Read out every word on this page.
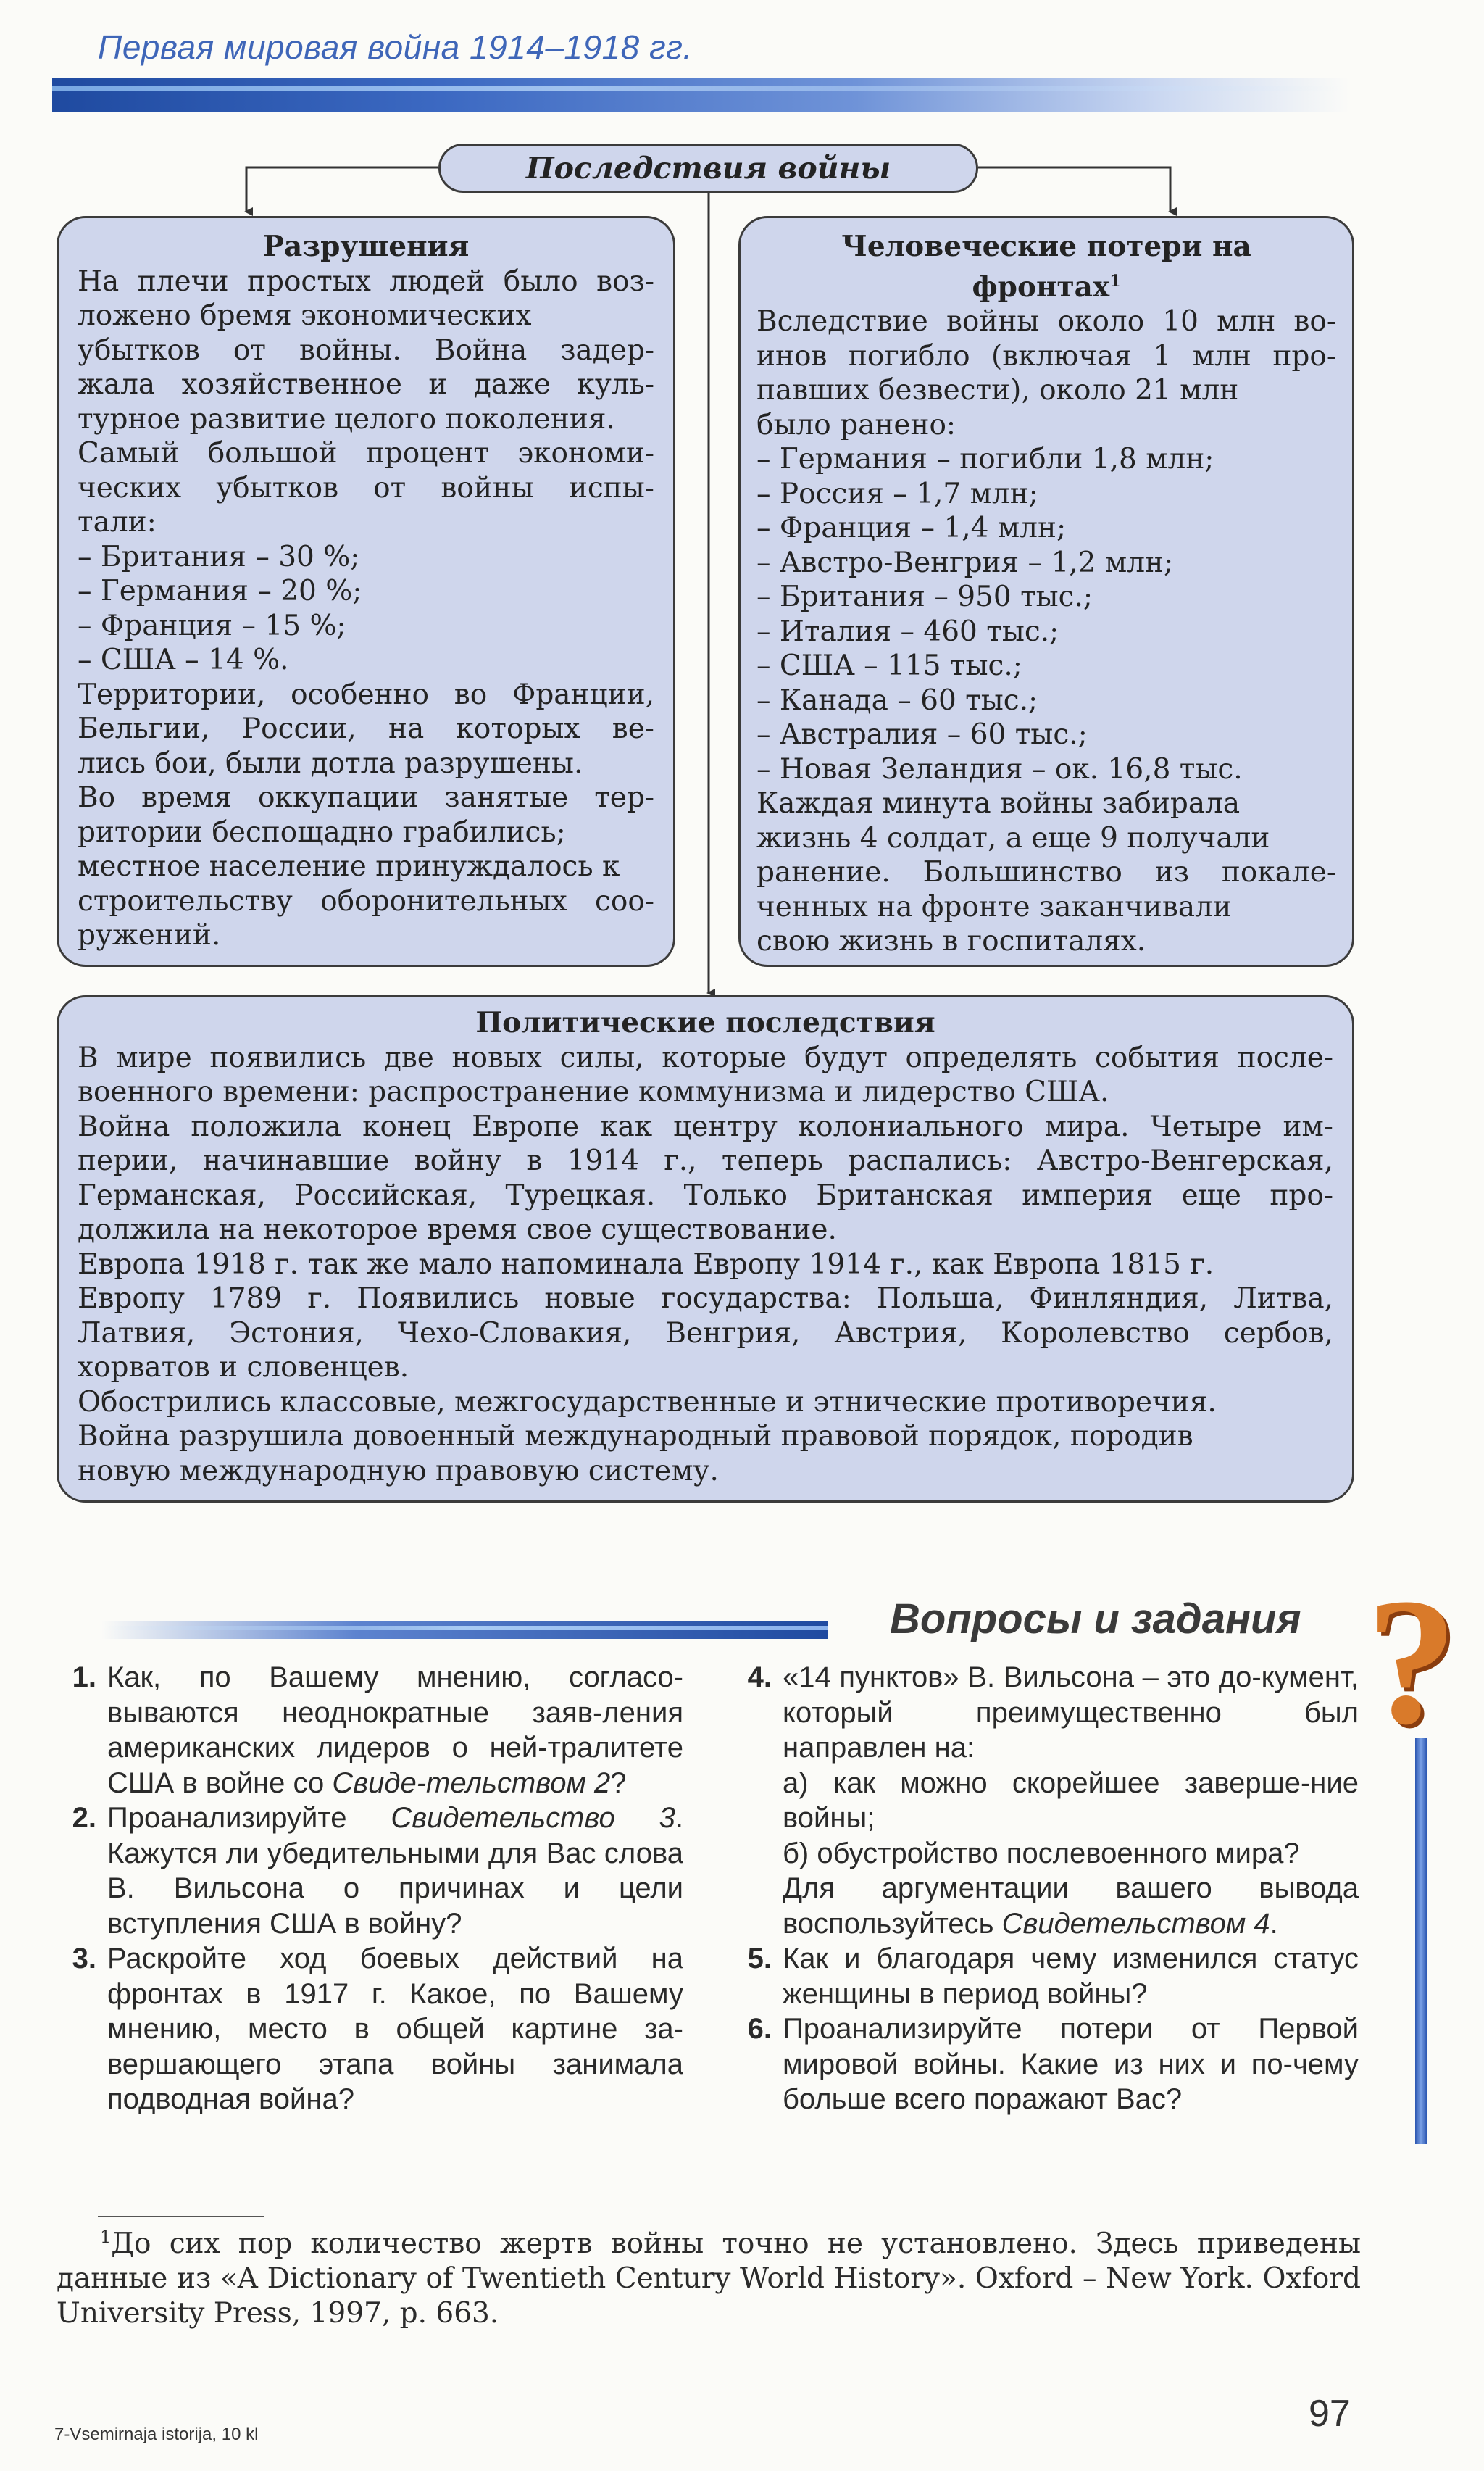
Первая мировая война 1914–1918 гг.
Последствия войны
Разрушения
На плечи простых людей было воз-
ложено бремя экономических
убытков от войны. Война задер-
жала хозяйственное и даже куль-
турное развитие целого поколения.
Самый большой процент экономи-
ческих убытков от войны испы-
тали:
– Британия – 30 %;
– Германия – 20 %;
– Франция – 15 %;
– США – 14 %.
Территории, особенно во Франции,
Бельгии, России, на которых ве-
лись бои, были дотла разрушены.
Во время оккупации занятые тер-
ритории беспощадно грабились;
местное население принуждалось к
строительству оборонительных соо-
ружений.
Человеческие потери на
фронтах$^1$
Вследствие войны около 10 млн во-
инов погибло (включая 1 млн про-
павших безвести), около 21 млн
было ранено:
– Германия – погибли 1,8 млн;
– Россия – 1,7 млн;
– Франция – 1,4 млн;
– Австро-Венгрия – 1,2 млн;
– Британия – 950 тыс.;
– Италия – 460 тыс.;
– США – 115 тыс.;
– Канада – 60 тыс.;
– Австралия – 60 тыс.;
– Новая Зеландия – ок. 16,8 тыс.
Каждая минута войны забирала
жизнь 4 солдат, а еще 9 получали
ранение. Большинство из покале-
ченных на фронте заканчивали
свою жизнь в госпиталях.
Политические последствия
В мире появились две новых силы, которые будут определять события после-
военного времени: распространение коммунизма и лидерство США.
Война положила конец Европе как центру колониального мира. Четыре им-
перии, начинавшие войну в 1914 г., теперь распались: Австро-Венгерская,
Германская, Российская, Турецкая. Только Британская империя еще про-
должила на некоторое время свое существование.
Европа 1918 г. так же мало напоминала Европу 1914 г., как Европа 1815 г.
Европу 1789 г. Появились новые государства: Польша, Финляндия, Литва,
Латвия, Эстония, Чехо-Словакия, Венгрия, Австрия, Королевство сербов,
хорватов и словенцев.
Обострились классовые, межгосударственные и этнические противоречия.
Война разрушила довоенный международный правовой порядок, породив
новую международную правовую систему.
Вопросы и задания ?
1. Как, по Вашему мнению, согласо-вываются неоднократные заяв-ления американских лидеров о ней-тралитете США в войне со Свиде-тельством 2?
2. Проанализируйте Свидетельство 3. Кажутся ли убедительными для Вас слова В. Вильсона о причинах и цели вступления США в войну?
3. Раскройте ход боевых действий на фронтах в 1917 г. Какое, по Вашему мнению, место в общей картине за-вершающего этапа войны занимала подводная война?
4. «14 пунктов» В. Вильсона – это до-кумент, который преимущественно был направлен на:
а) как можно скорейшее заверше-ние войны;
б) обустройство послевоенного мира?
Для аргументации вашего вывода воспользуйтесь Свидетельством 4.
5. Как и благодаря чему изменился статус женщины в период войны?
6. Проанализируйте потери от Первой мировой войны. Какие из них и по-чему больше всего поражают Вас?
$^1$До сих пор количество жертв войны точно не установлено. Здесь приведены данные из «A Dictionary of Twentieth Century World History». Oxford – New York. Oxford University Press, 1997, p. 663.
7-Vsemirnaja istorija, 10 kl	97
